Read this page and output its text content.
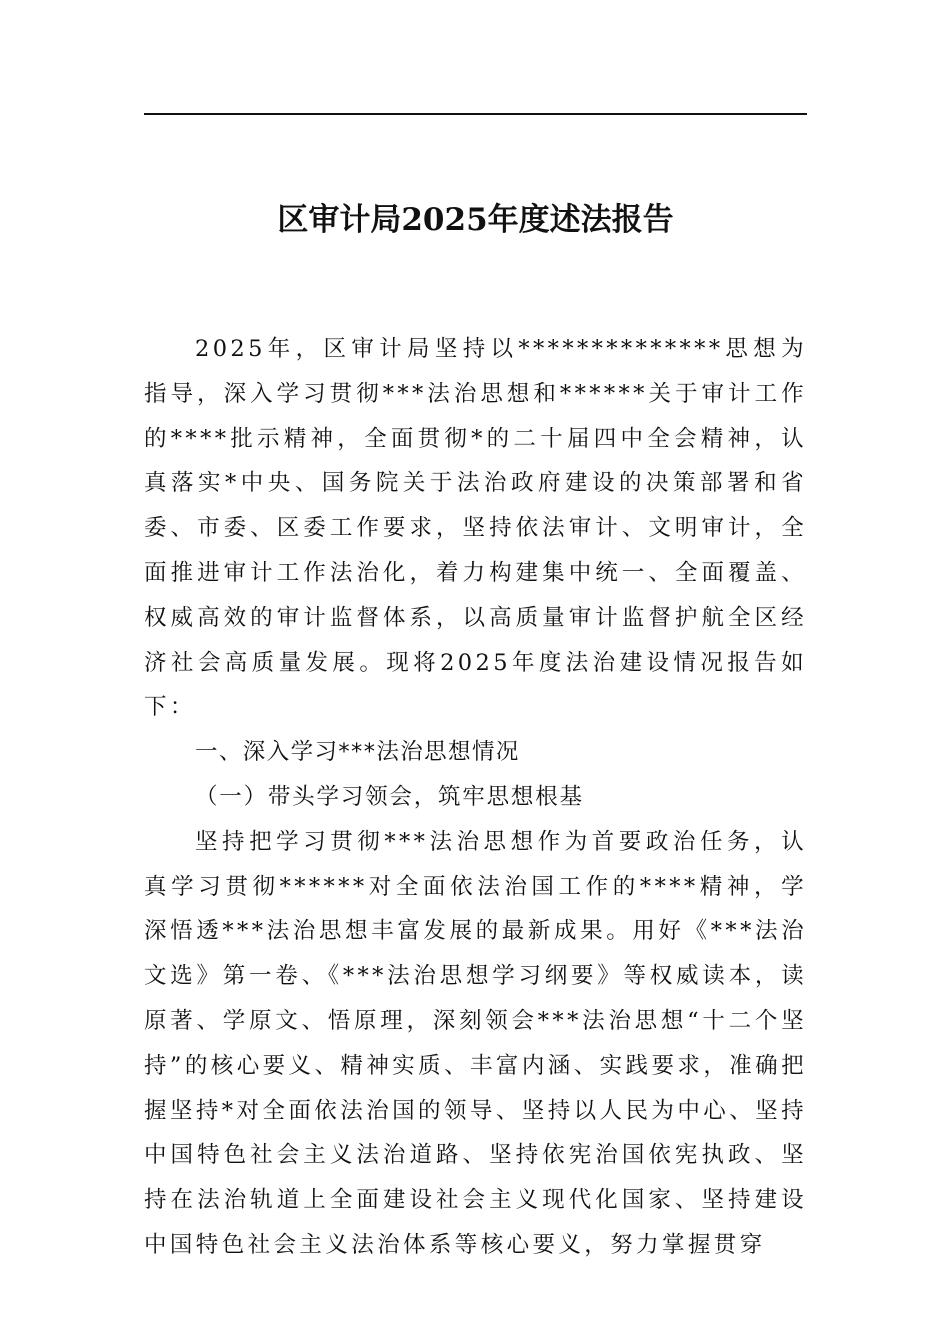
区审计局2025年度述法报告

2025年，区审计局坚持以**************思想为指导，深入学习贯彻***法治思想和******关于审计工作的****批示精神，全面贯彻*的二十届四中全会精神，认真落实*中央、国务院关于法治政府建设的决策部署和省委、市委、区委工作要求，坚持依法审计、文明审计，全面推进审计工作法治化，着力构建集中统一、全面覆盖、权威高效的审计监督体系，以高质量审计监督护航全区经济社会高质量发展。现将2025年度法治建设情况报告如下：

一、深入学习***法治思想情况

（一）带头学习领会，筑牢思想根基

坚持把学习贯彻***法治思想作为首要政治任务，认真学习贯彻******对全面依法治国工作的****精神，学深悟透***法治思想丰富发展的最新成果。用好《***法治文选》第一卷、《***法治思想学习纲要》等权威读本，读原著、学原文、悟原理，深刻领会***法治思想“十二个坚持”的核心要义、精神实质、丰富内涵、实践要求，准确把握坚持*对全面依法治国的领导、坚持以人民为中心、坚持中国特色社会主义法治道路、坚持依宪治国依宪执政、坚持在法治轨道上全面建设社会主义现代化国家、坚持建设中国特色社会主义法治体系等核心要义，努力掌握贯穿
